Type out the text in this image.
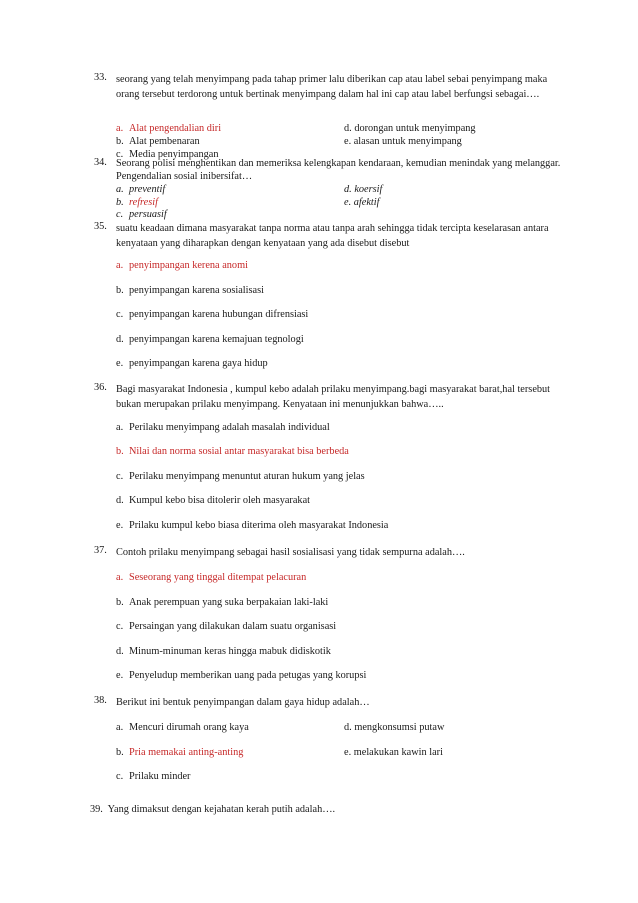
33. seorang yang telah menyimpang pada tahap primer lalu diberikan cap atau label sebai penyimpang maka orang tersebut terdorong untuk bertinak menyimpang dalam hal ini cap atau label berfungsi sebagai….
a. Alat pengendalian diri
b. Alat pembenaran
c. Media penyimpangan
d. dorongan untuk menyimpang
e. alasan untuk menyimpang
34. Seorang polisi menghentikan dan memeriksa kelengkapan kendaraan, kemudian menindak yang melanggar. Pengendalian sosial inibersifat…
a. preventif
b. refresif
c. persuasif
d. koersif
e. afektif
35. suatu keadaan dimana masyarakat tanpa norma atau tanpa arah sehingga tidak tercipta keselarasan antara kenyataan yang diharapkan dengan kenyataan yang ada disebut disebut
a. penyimpangan kerena anomi
b. penyimpangan karena sosialisasi
c. penyimpangan karena hubungan difrensiasi
d. penyimpangan karena kemajuan tegnologi
e. penyimpangan karena gaya hidup
36. Bagi masyarakat Indonesia , kumpul kebo adalah prilaku menyimpang.bagi masyarakat barat,hal tersebut bukan merupakan prilaku menyimpang. Kenyataan ini menunjukkan bahwa…..
a. Perilaku menyimpang adalah masalah individual
b. Nilai dan norma sosial antar masyarakat bisa berbeda
c. Perilaku menyimpang menuntut aturan hukum yang jelas
d. Kumpul kebo bisa ditolerir oleh masyarakat
e. Prilaku kumpul kebo biasa diterima oleh masyarakat Indonesia
37. Contoh prilaku menyimpang sebagai hasil sosialisasi yang tidak sempurna adalah….
a. Seseorang yang tinggal ditempat pelacuran
b. Anak perempuan yang suka berpakaian laki-laki
c. Persaingan yang dilakukan dalam suatu organisasi
d. Minum-minuman keras hingga mabuk didiskotik
e. Penyeludup memberikan uang pada petugas yang korupsi
38. Berikut ini bentuk penyimpangan dalam gaya hidup adalah…
a. Mencuri dirumah orang kaya
b. Pria memakai anting-anting
c. Prilaku minder
d. mengkonsumsi putaw
e. melakukan kawin lari
39. Yang dimaksut dengan kejahatan kerah putih adalah….
